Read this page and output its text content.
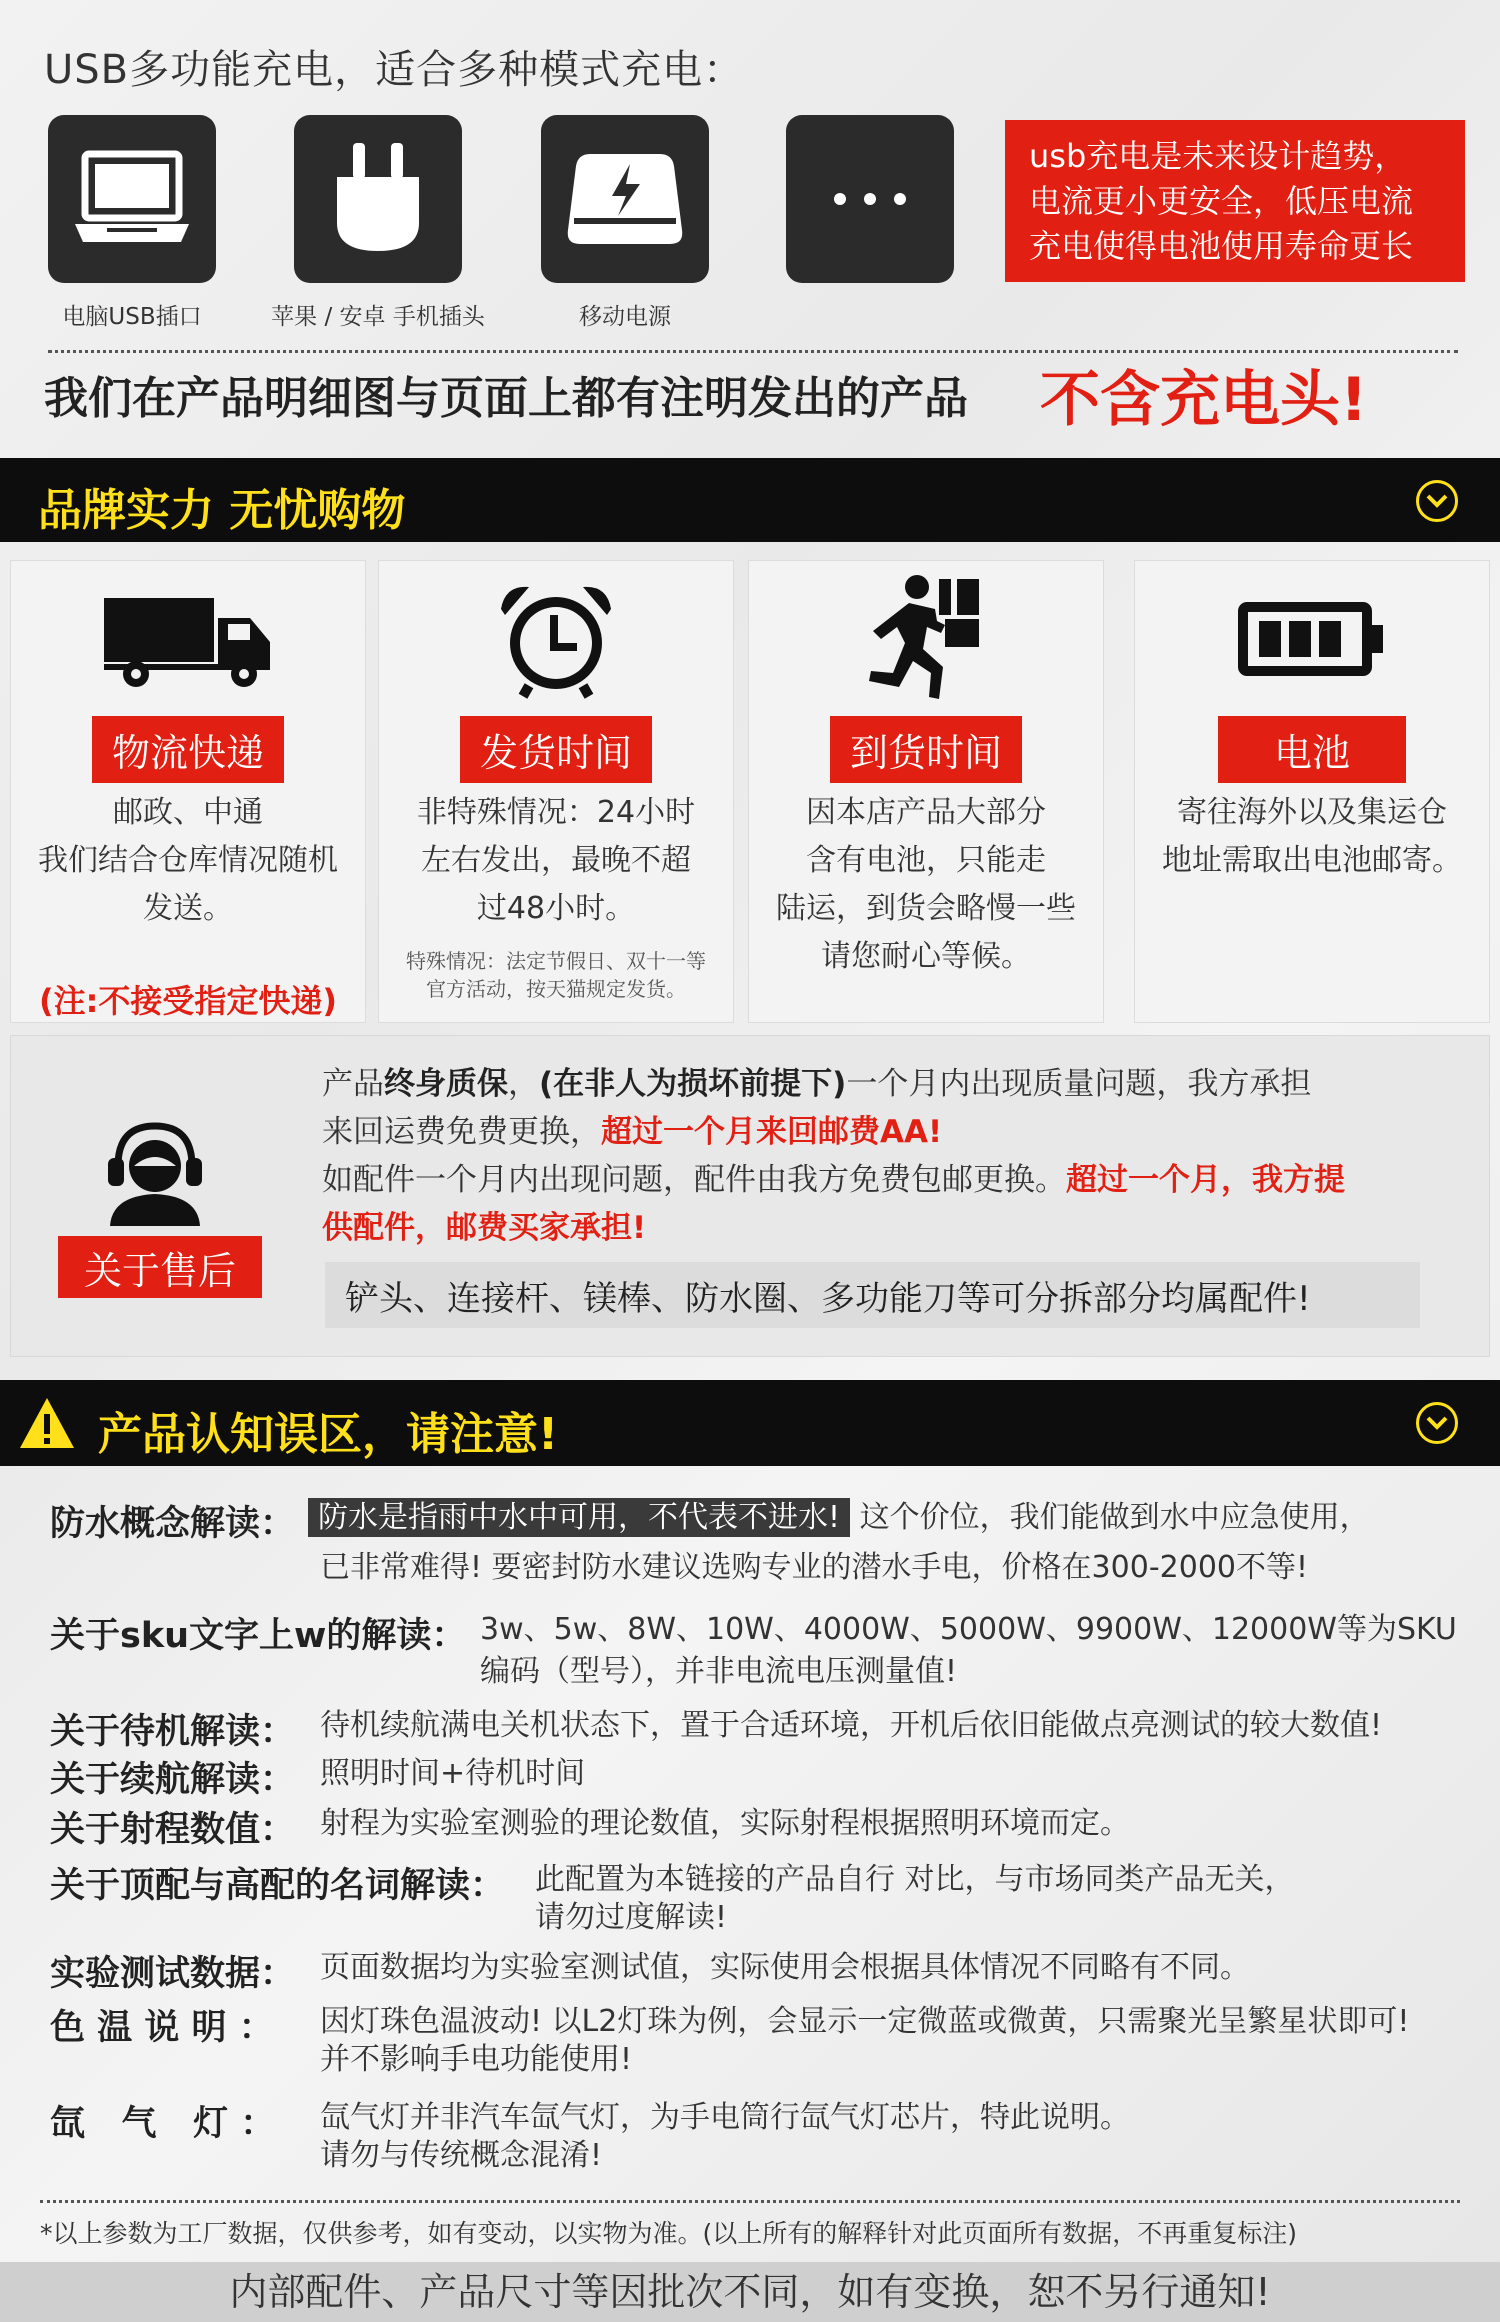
USB多功能充电，适合多种模式充电：
电脑USB插口	苹果 / 安卓 手机插头	移动电源
usb充电是未来设计趋势，
电流更小更安全，低压电流
充电使得电池使用寿命更长
我们在产品明细图与页面上都有注明发出的产品 不含充电头!
品牌实力 无忧购物
物流快递
邮政、中通
我们结合仓库情况随机
发送。
(注:不接受指定快递)
发货时间
非特殊情况：24小时
左右发出，最晚不超
过48小时。
特殊情况：法定节假日、双十一等
官方活动，按天猫规定发货。
到货时间
因本店产品大部分
含有电池，只能走
陆运，到货会略慢一些
请您耐心等候。
电池
寄往海外以及集运仓
地址需取出电池邮寄。
关于售后
产品终身质保，(在非人为损坏前提下)一个月内出现质量问题，我方承担
来回运费免费更换，超过一个月来回邮费AA!
如配件一个月内出现问题，配件由我方免费包邮更换。超过一个月，我方提
供配件，邮费买家承担!
铲头、连接杆、镁棒、防水圈、多功能刀等可分拆部分均属配件!
产品认知误区，请注意!
防水概念解读： 防水是指雨中水中可用，不代表不进水! 这个价位，我们能做到水中应急使用，
已非常难得! 要密封防水建议选购专业的潜水手电，价格在300-2000不等!
关于sku文字上w的解读： 3w、5w、8W、10W、4000W、5000W、9900W、12000W等为SKU
编码（型号），并非电流电压测量值!
关于待机解读： 待机续航满电关机状态下，置于合适环境，开机后依旧能做点亮测试的较大数值!
关于续航解读： 照明时间+待机时间
关于射程数值： 射程为实验室测验的理论数值，实际射程根据照明环境而定。
关于顶配与高配的名词解读： 此配置为本链接的产品自行 对比，与市场同类产品无关，
请勿过度解读!
实验测试数据： 页面数据均为实验室测试值，实际使用会根据具体情况不同略有不同。
色 温 说 明 ： 因灯珠色温波动! 以L2灯珠为例，会显示一定微蓝或微黄，只需聚光呈繁星状即可!
并不影响手电功能使用!
氙   气   灯 ： 氙气灯并非汽车氙气灯，为手电筒行氙气灯芯片，特此说明。
请勿与传统概念混淆!
*以上参数为工厂数据，仅供参考，如有变动，以实物为准。(以上所有的解释针对此页面所有数据，不再重复标注)
内部配件、产品尺寸等因批次不同，如有变换，恕不另行通知!
